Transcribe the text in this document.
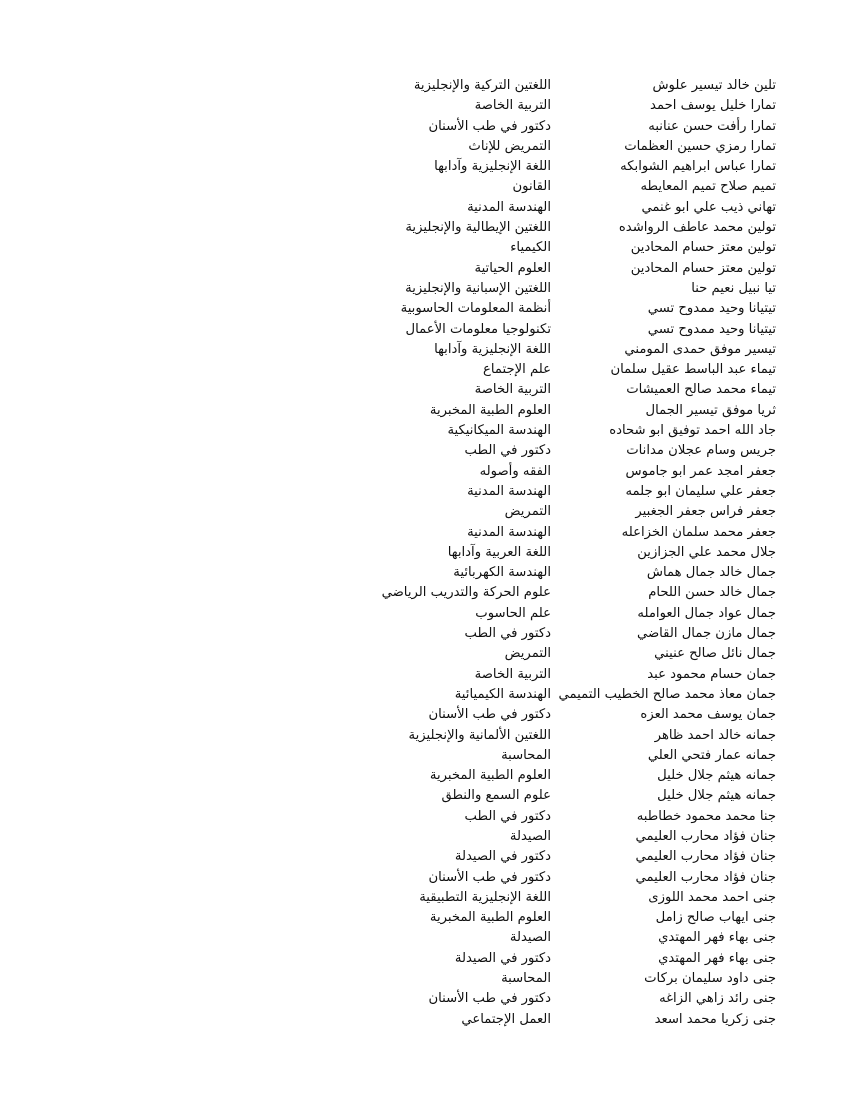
تلين خالد تيسير علوش
اللغتين التركية والإنجليزية
تمارا خليل يوسف احمد
التربية الخاصة
تمارا رأفت حسن عنانبه
دكتور في طب الأسنان
تمارا رمزي حسين العظمات
التمريض للإناث
تمارا عباس ابراهيم الشوابكه
اللغة الإنجليزية وآدابها
تميم صلاح تميم المعايطه
القانون
تهاني ذيب علي ابو غنمي
الهندسة المدنية
تولين محمد عاطف الرواشده
اللغتين الإيطالية والإنجليزية
تولين معتز حسام المحادين
الكيمياء
تولين معتز حسام المحادين
العلوم الحياتية
تيا نبيل نعيم حنا
اللغتين الإسبانية والإنجليزية
تيتيانا وحيد ممدوح تسي
أنظمة المعلومات الحاسوبية
تيتيانا وحيد ممدوح تسي
تكنولوجيا معلومات الأعمال
تيسير موفق حمدى المومني
اللغة الإنجليزية وآدابها
تيماء عبد الباسط عقيل سلمان
علم الإجتماع
تيماء محمد صالح العميشات
التربية الخاصة
ثريا موفق تيسير الجمال
العلوم الطبية المخبرية
جاد الله احمد توفيق ابو شحاده
الهندسة الميكانيكية
جريس وسام عجلان مدانات
دكتور في الطب
جعفر امجد عمر ابو جاموس
الفقه وأصوله
جعفر علي سليمان ابو جلمه
الهندسة المدنية
جعفر فراس جعفر الجغبير
التمريض
جعفر محمد سلمان الخزاعله
الهندسة المدنية
جلال محمد علي الجزازين
اللغة العربية وآدابها
جمال خالد جمال هماش
الهندسة الكهربائية
جمال خالد حسن اللحام
علوم الحركة والتدريب الرياضي
جمال عواد جمال العوامله
علم الحاسوب
جمال مازن جمال القاضي
دكتور في الطب
جمال نائل صالح عنيني
التمريض
جمان حسام محمود عبد
التربية الخاصة
جمان معاذ محمد صالح الخطيب التميمي
الهندسة الكيميائية
جمان يوسف محمد العزه
دكتور في طب الأسنان
جمانه خالد احمد ظاهر
اللغتين الألمانية والإنجليزية
جمانه عمار فتحي العلي
المحاسبة
جمانه هيثم جلال خليل
العلوم الطبية المخبرية
جمانه هيثم جلال خليل
علوم السمع والنطق
جنا محمد محمود خطاطبه
دكتور في الطب
جنان فؤاد محارب العليمي
الصيدلة
جنان فؤاد محارب العليمي
دكتور في الصيدلة
جنان فؤاد محارب العليمي
دكتور في طب الأسنان
جنى احمد محمد اللوزى
اللغة الإنجليزية التطبيقية
جنى ايهاب صالح زامل
العلوم الطبية المخبرية
جنى بهاء فهر المهتدي
الصيدلة
جنى بهاء فهر المهتدي
دكتور في الصيدلة
جنى داود سليمان بركات
المحاسبة
جنى رائد زاهي الزاغه
دكتور في طب الأسنان
جنى زكريا محمد اسعد
العمل الإجتماعي
